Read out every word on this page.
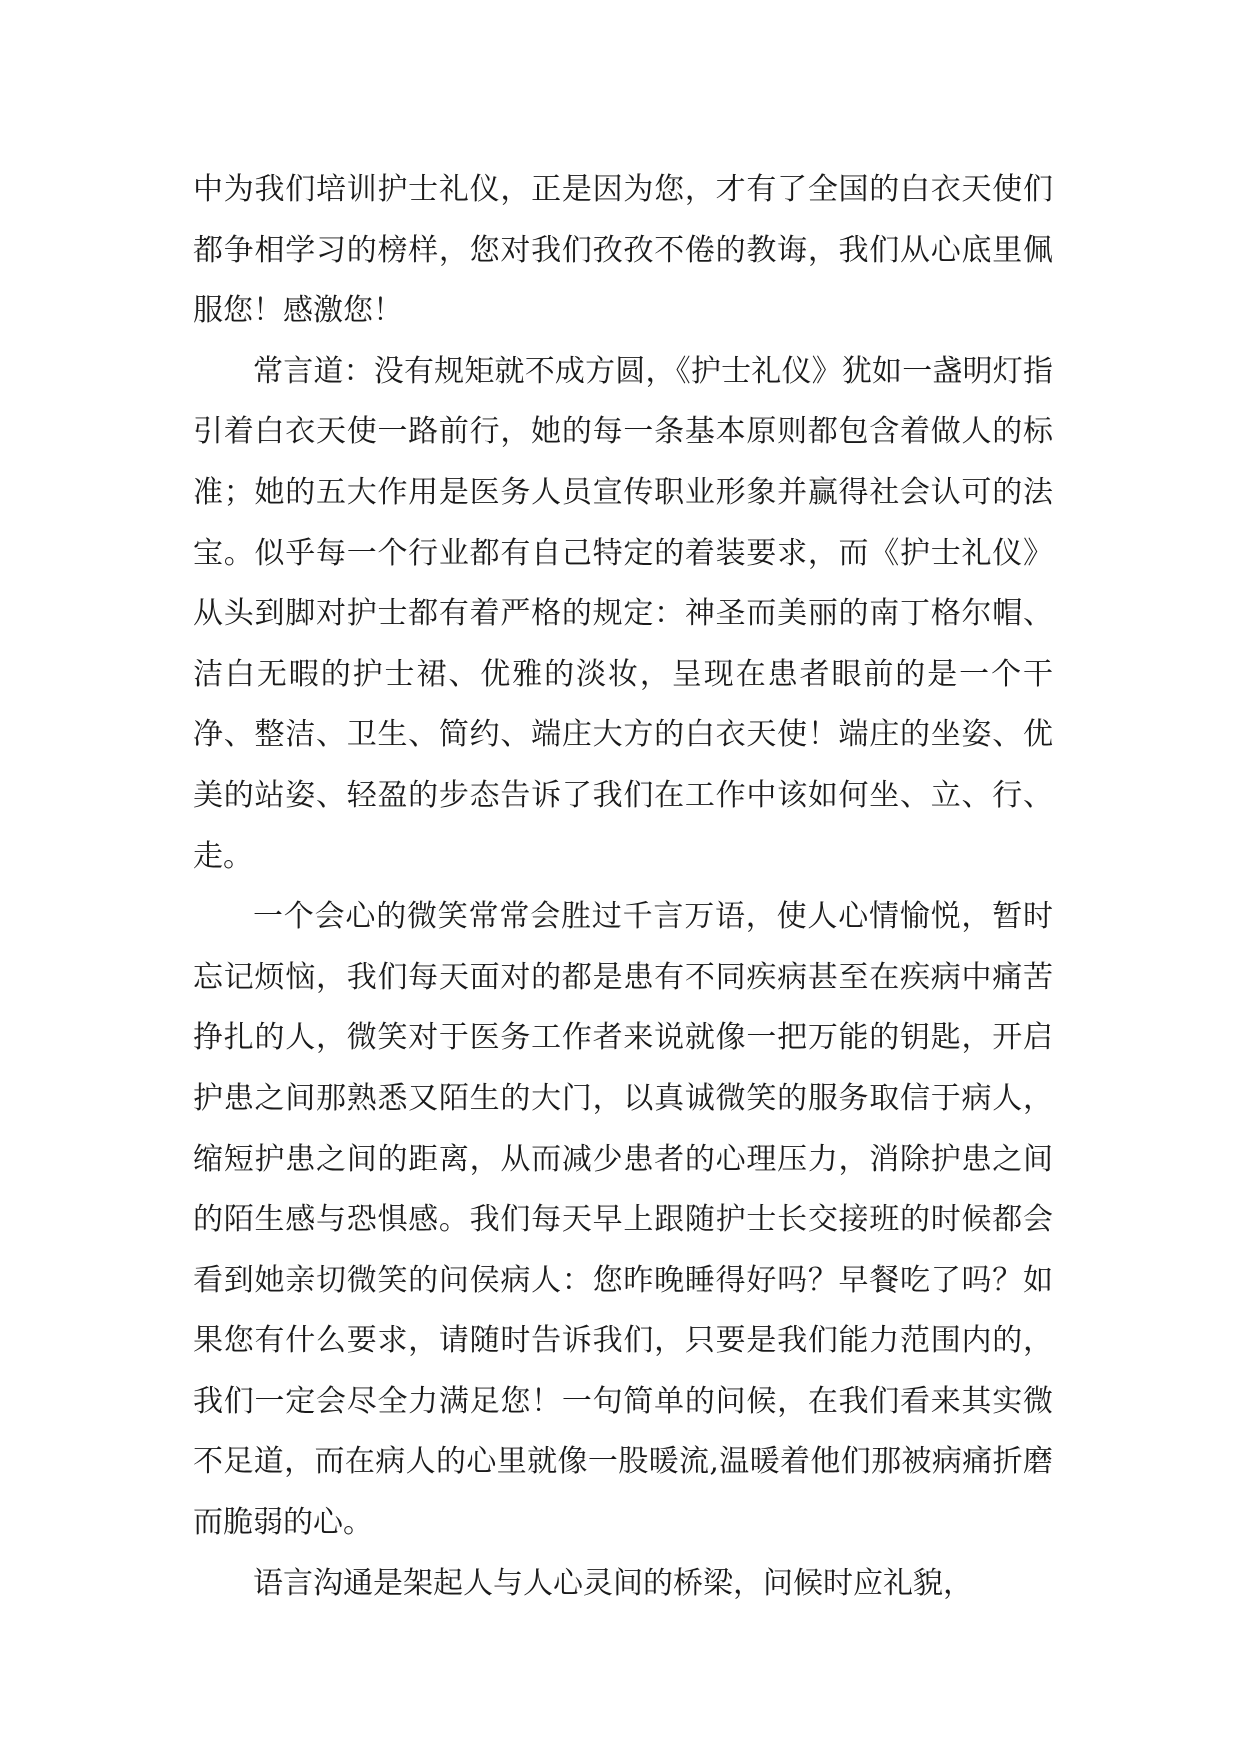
中为我们培训护士礼仪，正是因为您，才有了全国的白衣天使们都争相学习的榜样，您对我们孜孜不倦的教诲，我们从心底里佩服您！感激您！

常言道：没有规矩就不成方圆，《护士礼仪》犹如一盏明灯指引着白衣天使一路前行，她的每一条基本原则都包含着做人的标准；她的五大作用是医务人员宣传职业形象并赢得社会认可的法宝。似乎每一个行业都有自己特定的着装要求，而《护士礼仪》从头到脚对护士都有着严格的规定：神圣而美丽的南丁格尔帽、洁白无暇的护士裙、优雅的淡妆，呈现在患者眼前的是一个干净、整洁、卫生、简约、端庄大方的白衣天使！端庄的坐姿、优美的站姿、轻盈的步态告诉了我们在工作中该如何坐、立、行、走。

一个会心的微笑常常会胜过千言万语，使人心情愉悦，暂时忘记烦恼，我们每天面对的都是患有不同疾病甚至在疾病中痛苦挣扎的人，微笑对于医务工作者来说就像一把万能的钥匙，开启护患之间那熟悉又陌生的大门，以真诚微笑的服务取信于病人，缩短护患之间的距离，从而减少患者的心理压力，消除护患之间的陌生感与恐惧感。我们每天早上跟随护士长交接班的时候都会看到她亲切微笑的问侯病人：您昨晚睡得好吗？早餐吃了吗？如果您有什么要求，请随时告诉我们，只要是我们能力范围内的，我们一定会尽全力满足您！一句简单的问候，在我们看来其实微不足道，而在病人的心里就像一股暖流,温暖着他们那被病痛折磨而脆弱的心。

语言沟通是架起人与人心灵间的桥梁，问候时应礼貌，
